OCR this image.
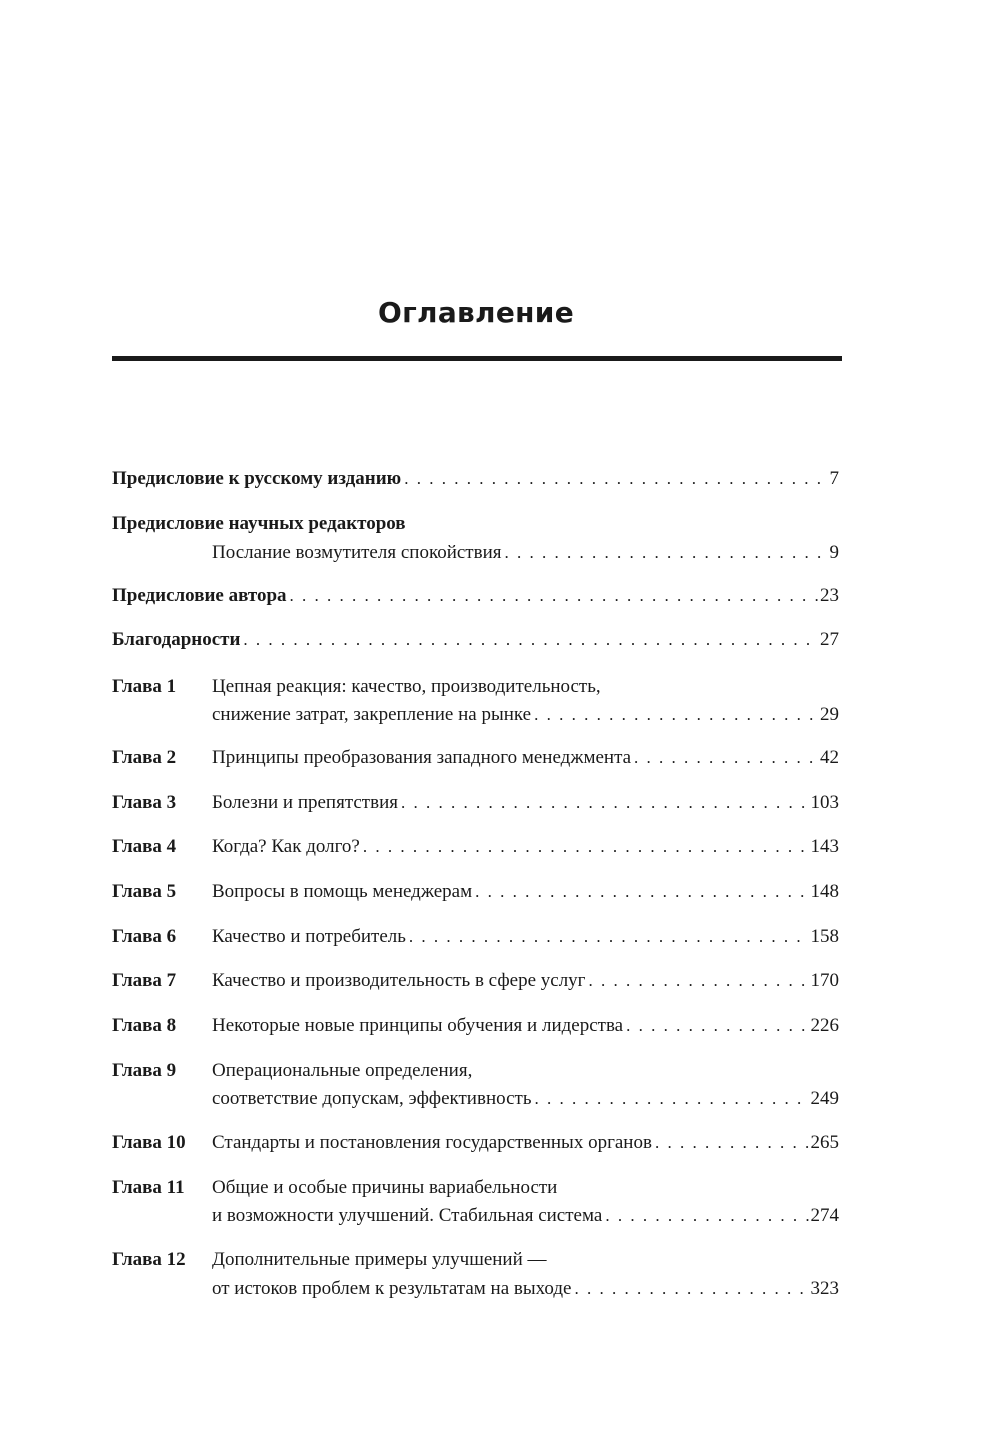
Оглавление
Предисловие к русскому изданию . . .	7
Предисловие научных редакторов
Послание возмутителя спокойствия . . .	9
Предисловие автора . . .	23
Благодарности . . .	27
Глава 1	Цепная реакция: качество, производительность,
снижение затрат, закрепление на рынке . . .	29
Глава 2	Принципы преобразования западного менеджмента . . .	42
Глава 3	Болезни и препятствия . . .	103
Глава 4	Когда? Как долго? . . .	143
Глава 5	Вопросы в помощь менеджерам . . .	148
Глава 6	Качество и потребитель . . .	158
Глава 7	Качество и производительность в сфере услуг . . .	170
Глава 8	Некоторые новые принципы обучения и лидерства . . .	226
Глава 9	Операциональные определения,
соответствие допускам, эффективность . . .	249
Глава 10	Стандарты и постановления государственных органов . . .	265
Глава 11	Общие и особые причины вариабельности
и возможности улучшений. Стабильная система . . .	274
Глава 12	Дополнительные примеры улучшений —
от истоков проблем к результатам на выходе . . .	323
